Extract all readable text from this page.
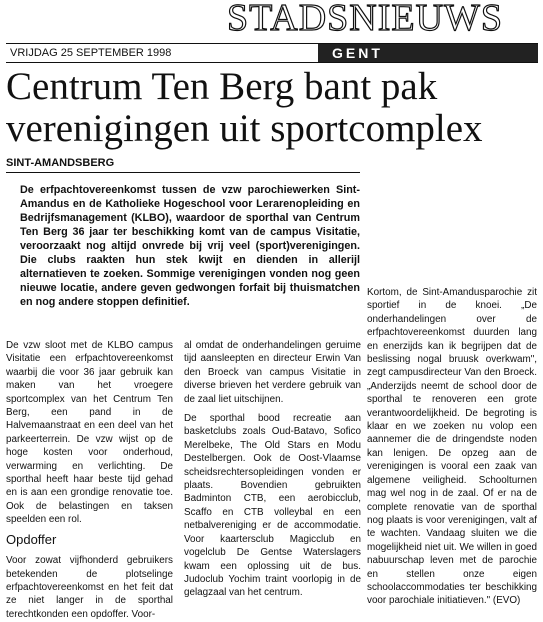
STADSNIEUWS
VRIJDAG 25 SEPTEMBER 1998	GENT
Centrum Ten Berg bant pak
verenigingen uit sportcomplex
SINT-AMANDSBERG
De erfpachtovereenkomst tussen de vzw parochiewerken Sint-Amandus en de Katholieke Hogeschool voor Lerarenopleiding en Bedrijfsmanagement (KLBO), waardoor de sporthal van Centrum Ten Berg 36 jaar ter beschikking komt van de campus Visitatie, veroorzaakt nog altijd onvrede bij vrij veel (sport)verenigingen. Die clubs raakten hun stek kwijt en dienden in allerijl alternatieven te zoeken. Sommige verenigingen vonden nog geen nieuwe locatie, andere geven gedwongen forfait bij thuismatchen en nog andere stoppen definitief.

De vzw sloot met de KLBO campus Visitatie een erfpachtovereenkomst waarbij die voor 36 jaar gebruik kan maken van het vroegere sportcomplex van het Centrum Ten Berg, een pand in de Halvemaanstraat en een deel van het parkeerterrein. De vzw wijst op de hoge kosten voor onderhoud, verwarming en verlichting. De sporthal heeft haar beste tijd gehad en is aan een grondige renovatie toe. Ook de belastingen en taksen speelden een rol.

Opdoffer

Voor zowat vijfhonderd gebruikers betekenden de plotselinge erfpachtovereenkomst en het feit dat ze niet langer in de sporthal terechtkonden een opdoffer. Voor-

al omdat de onderhandelingen geruime tijd aansleepten en directeur Erwin Van den Broeck van campus Visitatie in diverse brieven het verdere gebruik van de zaal liet uitschijnen.

De sporthal bood recreatie aan basketclubs zoals Oud-Batavo, Sofico Merelbeke, The Old Stars en Modu Destelbergen. Ook de Oost-Vlaamse scheidsrechtersopleidingen vonden er plaats. Bovendien gebruikten Badminton CTB, een aerobicclub, Scaffo en CTB volleybal en een netbalvereniging er de accommodatie. Voor kaartersclub Magicclub en vogelclub De Gentse Waterslagers kwam een oplossing uit de bus. Judoclub Yochim traint voorlopig in de gelagzaal van het centrum.

Kortom, de Sint-Amandusparochie zit sportief in de knoei. „De onderhandelingen over de erfpachtovereenkomst duurden lang en enerzijds kan ik begrijpen dat de beslissing nogal bruusk overkwam", zegt campusdirecteur Van den Broeck. „Anderzijds neemt de school door de sporthal te renoveren een grote verantwoordelijkheid. De begroting is klaar en we zoeken nu volop een aannemer die de dringendste noden kan lenigen. De opzeg aan de verenigingen is vooral een zaak van algemene veiligheid. Schoolturnen mag wel nog in de zaal. Of er na de complete renovatie van de sporthal nog plaats is voor verenigingen, valt af te wachten. Vandaag sluiten we die mogelijkheid niet uit. We willen in goed nabuurschap leven met de parochie en stellen onze eigen schoolaccommodaties ter beschikking voor parochiale initiatieven." (EVO)
